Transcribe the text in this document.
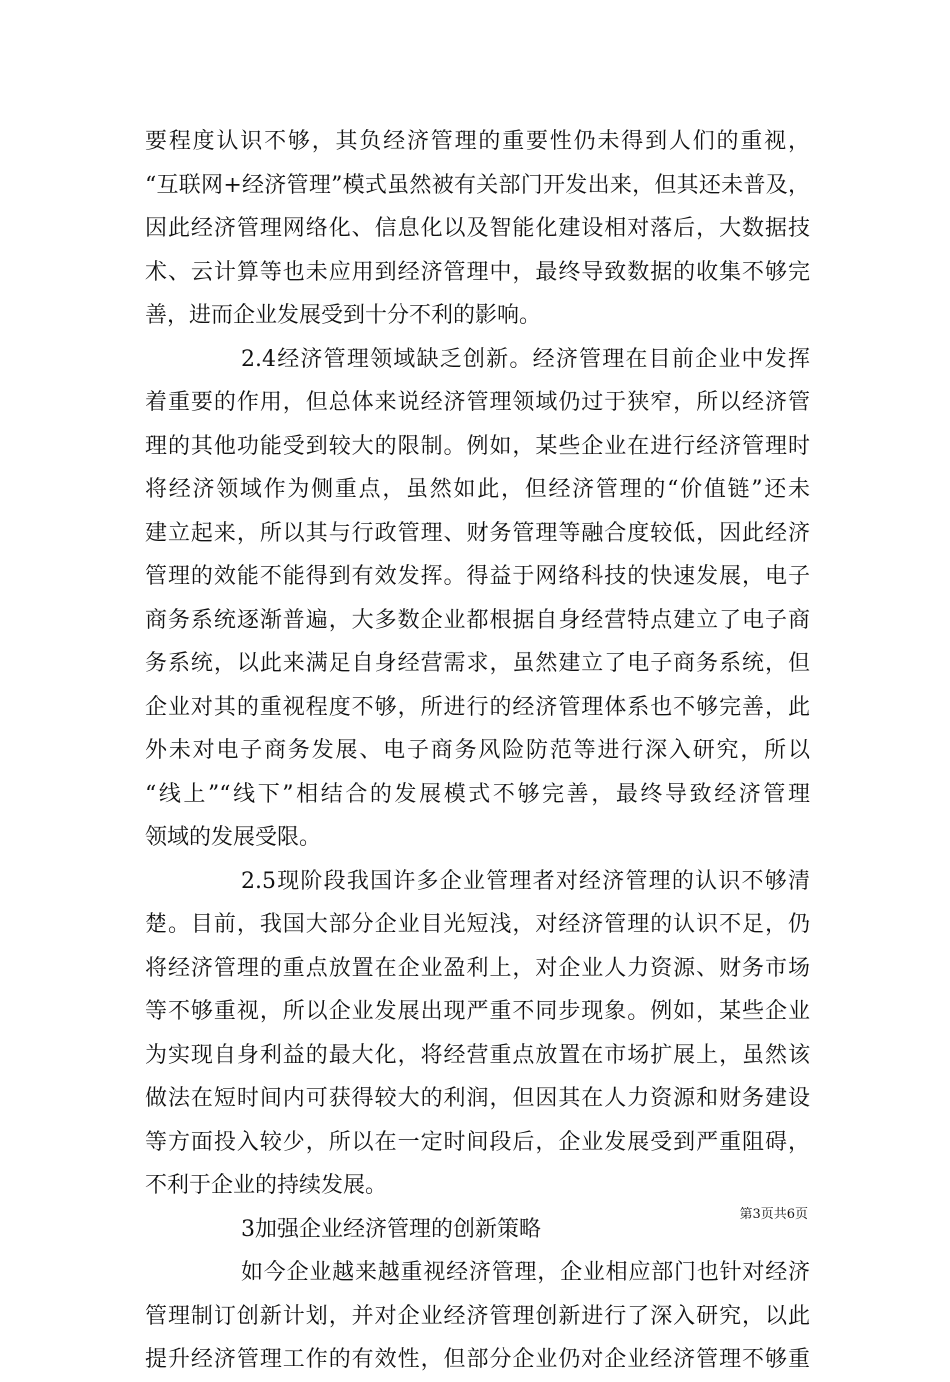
要程度认识不够，其负经济管理的重要性仍未得到人们的重视，
“互联网+经济管理”模式虽然被有关部门开发出来，但其还未普及，
因此经济管理网络化、信息化以及智能化建设相对落后，大数据技
术、云计算等也未应用到经济管理中，最终导致数据的收集不够完
善，进而企业发展受到十分不利的影响。
2.4经济管理领域缺乏创新。经济管理在目前企业中发挥
着重要的作用，但总体来说经济管理领域仍过于狭窄，所以经济管
理的其他功能受到较大的限制。例如，某些企业在进行经济管理时
将经济领域作为侧重点，虽然如此，但经济管理的“价值链”还未
建立起来，所以其与行政管理、财务管理等融合度较低，因此经济
管理的效能不能得到有效发挥。得益于网络科技的快速发展，电子
商务系统逐渐普遍，大多数企业都根据自身经营特点建立了电子商
务系统，以此来满足自身经营需求，虽然建立了电子商务系统，但
企业对其的重视程度不够，所进行的经济管理体系也不够完善，此
外未对电子商务发展、电子商务风险防范等进行深入研究，所以
“线上”“线下”相结合的发展模式不够完善，最终导致经济管理
领域的发展受限。
2.5现阶段我国许多企业管理者对经济管理的认识不够清
楚。目前，我国大部分企业目光短浅，对经济管理的认识不足，仍
将经济管理的重点放置在企业盈利上，对企业人力资源、财务市场
等不够重视，所以企业发展出现严重不同步现象。例如，某些企业
为实现自身利益的最大化，将经营重点放置在市场扩展上，虽然该
做法在短时间内可获得较大的利润，但因其在人力资源和财务建设
等方面投入较少，所以在一定时间段后，企业发展受到严重阻碍，
不利于企业的持续发展。
3加强企业经济管理的创新策略
如今企业越来越重视经济管理，企业相应部门也针对经济
管理制订创新计划，并对企业经济管理创新进行了深入研究，以此
提升经济管理工作的有效性，但部分企业仍对企业经济管理不够重
第3页共6页
